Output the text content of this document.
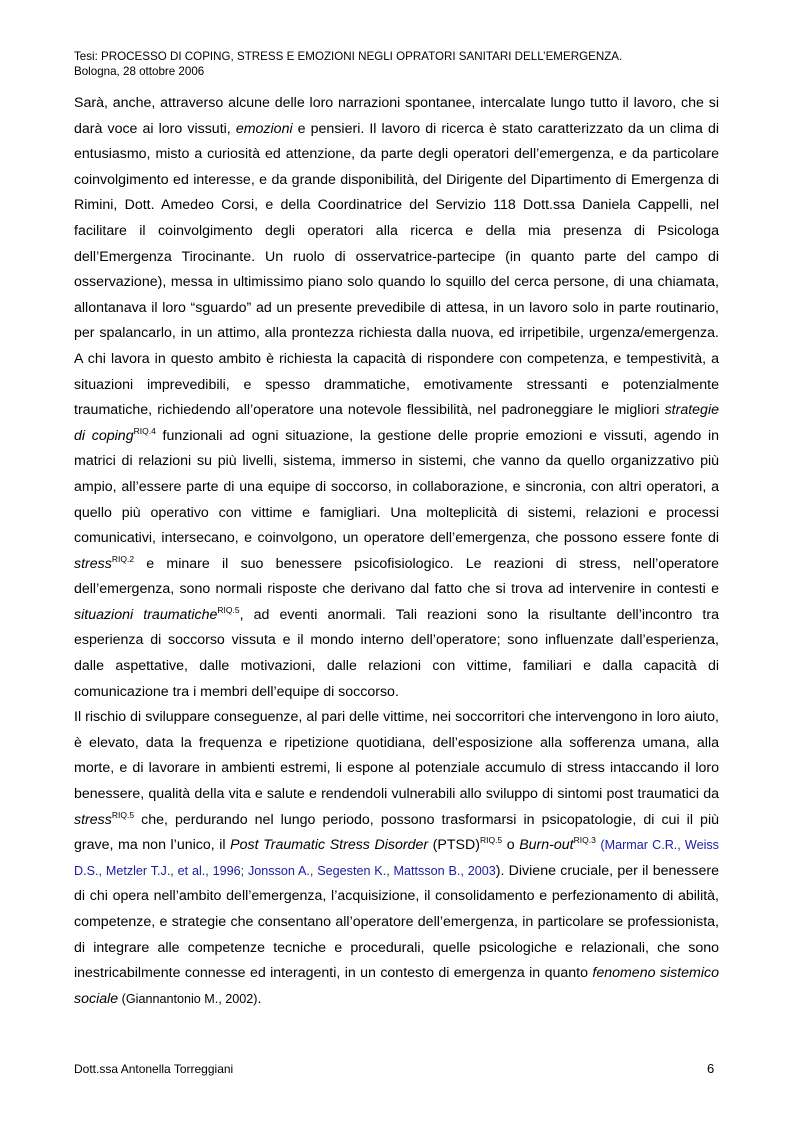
Tesi: PROCESSO DI COPING, STRESS E EMOZIONI NEGLI OPRATORI SANITARI DELL’EMERGENZA.
Bologna, 28 ottobre 2006

Sarà, anche, attraverso alcune delle loro narrazioni spontanee, intercalate lungo tutto il lavoro, che si darà voce ai loro vissuti, emozioni e pensieri. Il lavoro di ricerca è stato caratterizzato da un clima di entusiasmo, misto a curiosità ed attenzione, da parte degli operatori dell’emergenza, e da particolare coinvolgimento ed interesse, e da grande disponibilità, del Dirigente del Dipartimento di Emergenza di Rimini, Dott. Amedeo Corsi, e della Coordinatrice del Servizio 118 Dott.ssa Daniela Cappelli, nel facilitare il coinvolgimento degli operatori alla ricerca e della mia presenza di Psicologa dell’Emergenza Tirocinante. Un ruolo di osservatrice-partecipe (in quanto parte del campo di osservazione), messa in ultimissimo piano solo quando lo squillo del cerca persone, di una chiamata, allontanava il loro “sguardo” ad un presente prevedibile di attesa, in un lavoro solo in parte routinario, per spalancarlo, in un attimo, alla prontezza richiesta dalla nuova, ed irripetibile, urgenza/emergenza. A chi lavora in questo ambito è richiesta la capacità di rispondere con competenza, e tempestività, a situazioni imprevedibili, e spesso drammatiche, emotivamente stressanti e potenzialmente traumatiche, richiedendo all’operatore una notevole flessibilità, nel padroneggiare le migliori strategie di coping$^{RIQ.4}$ funzionali ad ogni situazione, la gestione delle proprie emozioni e vissuti, agendo in matrici di relazioni su più livelli, sistema, immerso in sistemi, che vanno da quello organizzativo più ampio, all’essere parte di una equipe di soccorso, in collaborazione, e sincronia, con altri operatori, a quello più operativo con vittime e famigliari. Una molteplicità di sistemi, relazioni e processi comunicativi, intersecano, e coinvolgono, un operatore dell’emergenza, che possono essere fonte di stress$^{RIQ.2}$ e minare il suo benessere psicofisiologico. Le reazioni di stress, nell’operatore dell’emergenza, sono normali risposte che derivano dal fatto che si trova ad intervenire in contesti e situazioni traumatiche$^{RIQ.5}$, ad eventi anormali. Tali reazioni sono la risultante dell’incontro tra esperienza di soccorso vissuta e il mondo interno dell’operatore; sono influenzate dall’esperienza, dalle aspettative, dalle motivazioni, dalle relazioni con vittime, familiari e dalla capacità di comunicazione tra i membri dell’equipe di soccorso.

Il rischio di sviluppare conseguenze, al pari delle vittime, nei soccorritori che intervengono in loro aiuto, è elevato, data la frequenza e ripetizione quotidiana, dell’esposizione alla sofferenza umana, alla morte, e di lavorare in ambienti estremi, li espone al potenziale accumulo di stress intaccando il loro benessere, qualità della vita e salute e rendendoli vulnerabili allo sviluppo di sintomi post traumatici da stress$^{RIQ.5}$ che, perdurando nel lungo periodo, possono trasformarsi in psicopatologie, di cui il più grave, ma non l’unico, il Post Traumatic Stress Disorder (PTSD)$^{RIQ.5}$ o Burn-out$^{RIQ.3}$ (Marmar C.R., Weiss D.S., Metzler T.J., et al., 1996; Jonsson A., Segesten K., Mattsson B., 2003). Diviene cruciale, per il benessere di chi opera nell’ambito dell’emergenza, l’acquisizione, il consolidamento e perfezionamento di abilità, competenze, e strategie che consentano all’operatore dell’emergenza, in particolare se professionista, di integrare alle competenze tecniche e procedurali, quelle psicologiche e relazionali, che sono inestricabilmente connesse ed interagenti, in un contesto di emergenza in quanto fenomeno sistemico sociale (Giannantonio M., 2002).

Dott.ssa Antonella Torreggiani	6
